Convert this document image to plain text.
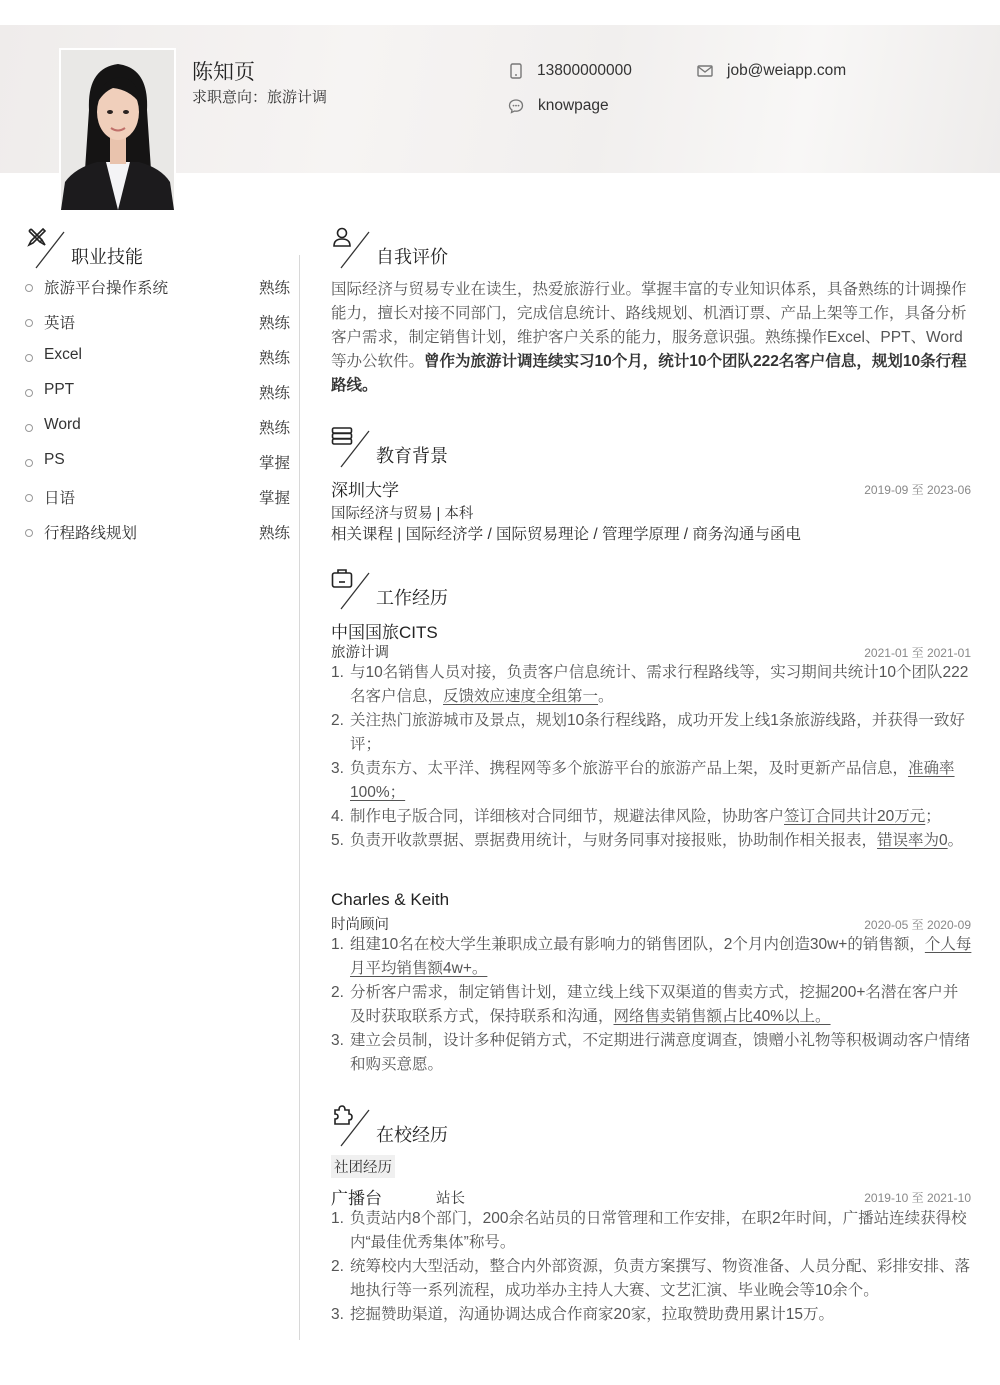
陈知页
求职意向：旅游计调
13800000000	job@weiapp.com
knowpage
职业技能
旅游平台操作系统	熟练
英语	熟练
Excel	熟练
PPT	熟练
Word	熟练
PS	掌握
日语	掌握
行程路线规划	熟练
自我评价
国际经济与贸易专业在读生，热爱旅游行业。掌握丰富的专业知识体系，具备熟练的计调操作能力，擅长对接不同部门，完成信息统计、路线规划、机酒订票、产品上架等工作，具备分析客户需求，制定销售计划，维护客户关系的能力，服务意识强。熟练操作Excel、PPT、Word等办公软件。曾作为旅游计调连续实习10个月，统计10个团队222名客户信息，规划10条行程路线。
教育背景
深圳大学	2019-09 至 2023-06
国际经济与贸易 | 本科
相关课程 | 国际经济学 / 国际贸易理论 / 管理学原理 / 商务沟通与函电
工作经历
中国国旅CITS
旅游计调	2021-01 至 2021-01
1. 与10名销售人员对接，负责客户信息统计、需求行程路线等，实习期间共统计10个团队222名客户信息，反馈效应速度全组第一。
2. 关注热门旅游城市及景点，规划10条行程线路，成功开发上线1条旅游线路，并获得一致好评；
3. 负责东方、太平洋、携程网等多个旅游平台的旅游产品上架，及时更新产品信息，准确率100%；
4. 制作电子版合同，详细核对合同细节，规避法律风险，协助客户签订合同共计20万元；
5. 负责开收款票据、票据费用统计，与财务同事对接报账，协助制作相关报表，错误率为0。
Charles & Keith
时尚顾问	2020-05 至 2020-09
1. 组建10名在校大学生兼职成立最有影响力的销售团队，2个月内创造30w+的销售额，个人每月平均销售额4w+。
2. 分析客户需求，制定销售计划，建立线上线下双渠道的售卖方式，挖掘200+名潜在客户并及时获取联系方式，保持联系和沟通，网络售卖销售额占比40%以上。
3. 建立会员制，设计多种促销方式，不定期进行满意度调查，馈赠小礼物等积极调动客户情绪和购买意愿。
在校经历
社团经历
广播台	站长	2019-10 至 2021-10
1. 负责站内8个部门，200余名站员的日常管理和工作安排，在职2年时间，广播站连续获得校内“最佳优秀集体”称号。
2. 统筹校内大型活动，整合内外部资源，负责方案撰写、物资准备、人员分配、彩排安排、落地执行等一系列流程，成功举办主持人大赛、文艺汇演、毕业晚会等10余个。
3. 挖掘赞助渠道，沟通协调达成合作商家20家，拉取赞助费用累计15万。
